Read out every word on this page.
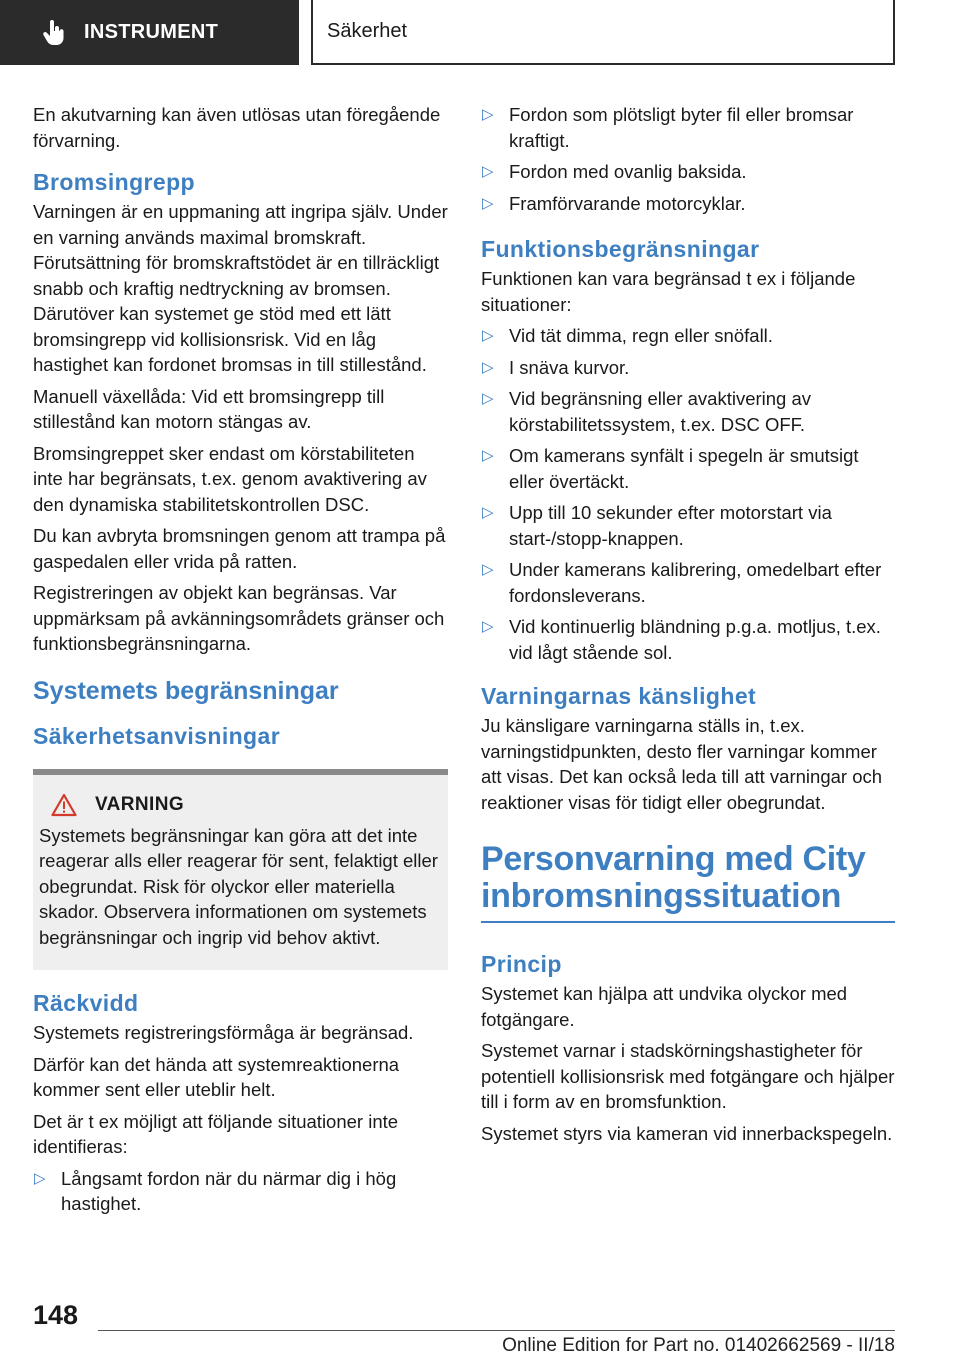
INSTRUMENT	Säkerhet

En akutvarning kan även utlösas utan föregående förvarning.

Bromsingrepp

Varningen är en uppmaning att ingripa själv. Under en varning används maximal bromskraft. Förutsättning för bromskraftstödet är en tillräckligt snabb och kraftig nedtryckning av bromsen. Därutöver kan systemet ge stöd med ett lätt bromsingrepp vid kollisionsrisk. Vid en låg hastighet kan fordonet bromsas in till stillestånd.

Manuell växellåda: Vid ett bromsingrepp till stillestånd kan motorn stängas av.

Bromsingreppet sker endast om körstabiliteten inte har begränsats, t.ex. genom avaktivering av den dynamiska stabilitetskontrollen DSC.

Du kan avbryta bromsningen genom att trampa på gaspedalen eller vrida på ratten.

Registreringen av objekt kan begränsas. Var uppmärksam på avkänningsområdets gränser och funktionsbegränsningarna.

Systemets begränsningar
Säkerhetsanvisningar
VARNING

Systemets begränsningar kan göra att det inte reagerar alls eller reagerar för sent, felaktigt eller obegrundat. Risk för olyckor eller materiella skador. Observera informationen om systemets begränsningar och ingrip vid behov aktivt.

Räckvidd

Systemets registreringsförmåga är begränsad.

Därför kan det hända att systemreaktionerna kommer sent eller uteblir helt.

Det är t ex möjligt att följande situationer inte identifieras:

▷ Långsamt fordon när du närmar dig i hög hastighet.
▷ Fordon som plötsligt byter fil eller bromsar kraftigt.
▷ Fordon med ovanlig baksida.
▷ Framförvarande motorcyklar.
Funktionsbegränsningar

Funktionen kan vara begränsad t ex i följande situationer:

▷ Vid tät dimma, regn eller snöfall.
▷ I snäva kurvor.
▷ Vid begränsning eller avaktivering av körstabilitetssystem, t.ex. DSC OFF.
▷ Om kamerans synfält i spegeln är smutsigt eller övertäckt.
▷ Upp till 10 sekunder efter motorstart via start-/stopp-knappen.
▷ Under kamerans kalibrering, omedelbart efter fordonsleverans.
▷ Vid kontinuerlig bländning p.g.a. motljus, t.ex. vid lågt stående sol.
Varningarnas känslighet

Ju känsligare varningarna ställs in, t.ex. varningstidpunkten, desto fler varningar kommer att visas. Det kan också leda till att varningar och reaktioner visas för tidigt eller obegrundat.

Personvarning med City inbromsningssituation
Princip

Systemet kan hjälpa att undvika olyckor med fotgängare.

Systemet varnar i stadskörningshastigheter för potentiell kollisionsrisk med fotgängare och hjälper till i form av en bromsfunktion.

Systemet styrs via kameran vid innerbackspegeln.

148
Online Edition for Part no. 01402662569 - II/18
